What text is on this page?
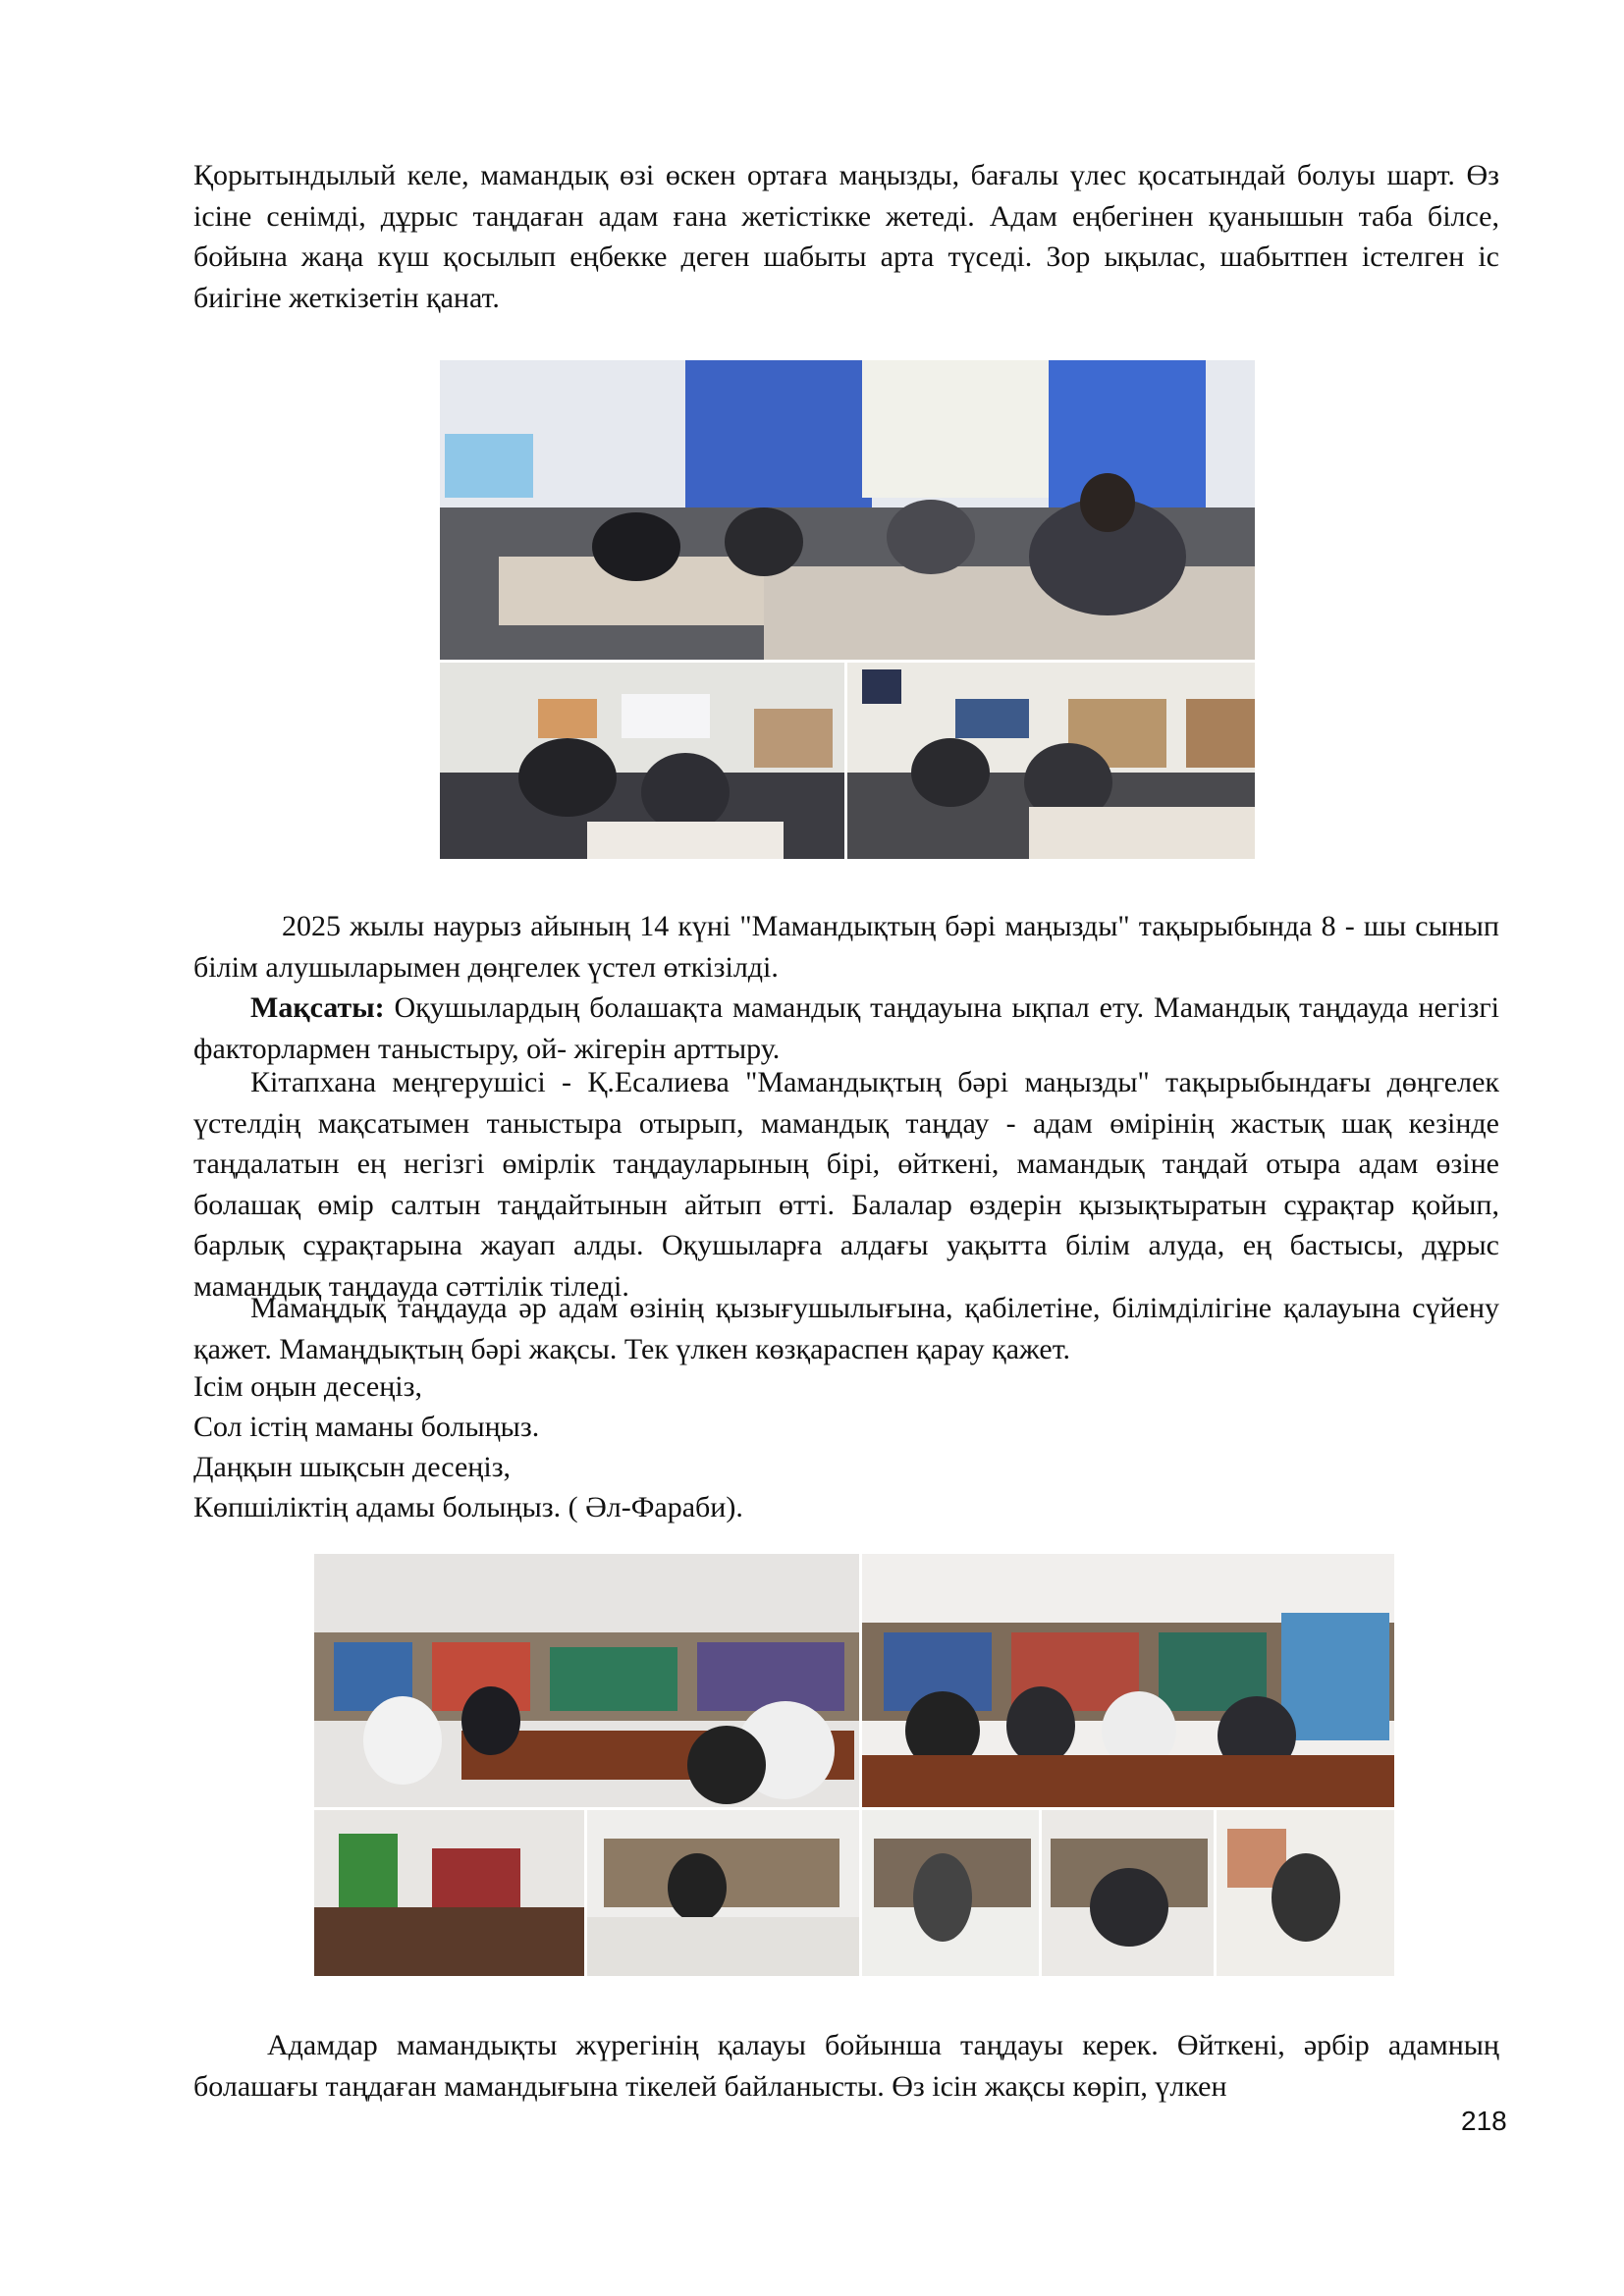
Қорытындылый келе, мамандық өзі өскен ортаға маңызды, бағалы үлес қосатындай болуы шарт. Өз ісіне сенімді, дұрыс таңдаған адам ғана жетістікке жетеді. Адам еңбегінен қуанышын таба білсе, бойына жаңа күш қосылып еңбекке деген шабыты арта түседі. Зор ықылас, шабытпен істелген іс биігіне жеткізетін қанат.

2025 жылы наурыз айының 14 күні "Мамандықтың бәрі маңызды" тақырыбында 8 - шы сынып білім алушыларымен дөңгелек үстел өткізілді.

Мақсаты: Оқушылардың болашақта мамандық таңдауына ықпал ету. Мамандық таңдауда негізгі факторлармен таныстыру, ой- жігерін арттыру.

Кітапхана меңгерушісі - Қ.Есалиева "Мамандықтың бәрі маңызды" тақырыбындағы дөңгелек үстелдің мақсатымен таныстыра отырып, мамандық таңдау - адам өмірінің жастық шақ кезінде таңдалатын ең негізгі өмірлік таңдауларының бірі, өйткені, мамандық таңдай отыра адам өзіне болашақ өмір салтын таңдайтынын айтып өтті. Балалар өздерін қызықтыратын сұрақтар қойып, барлық сұрақтарына жауап алды. Оқушыларға алдағы уақытта білім алуда, ең бастысы, дұрыс мамандық таңдауда сәттілік тіледі.

Мамаңдық таңдауда әр адам өзінің қызығушылығына, қабілетіне, білімділігіне қалауына сүйену қажет. Мамаңдықтың бәрі жақсы. Тек үлкен көзқараспен қарау қажет.

Ісім оңын десеңіз,

Сол істің маманы болыңыз.

Даңқын шықсын десеңіз,

Көпшіліктің адамы болыңыз. ( Әл-Фараби).

Адамдар мамандықты жүрегінің қалауы бойынша таңдауы керек. Өйткені, әрбір адамның болашағы таңдаған мамандығына тікелей байланысты. Өз ісін жақсы көріп, үлкен

218
